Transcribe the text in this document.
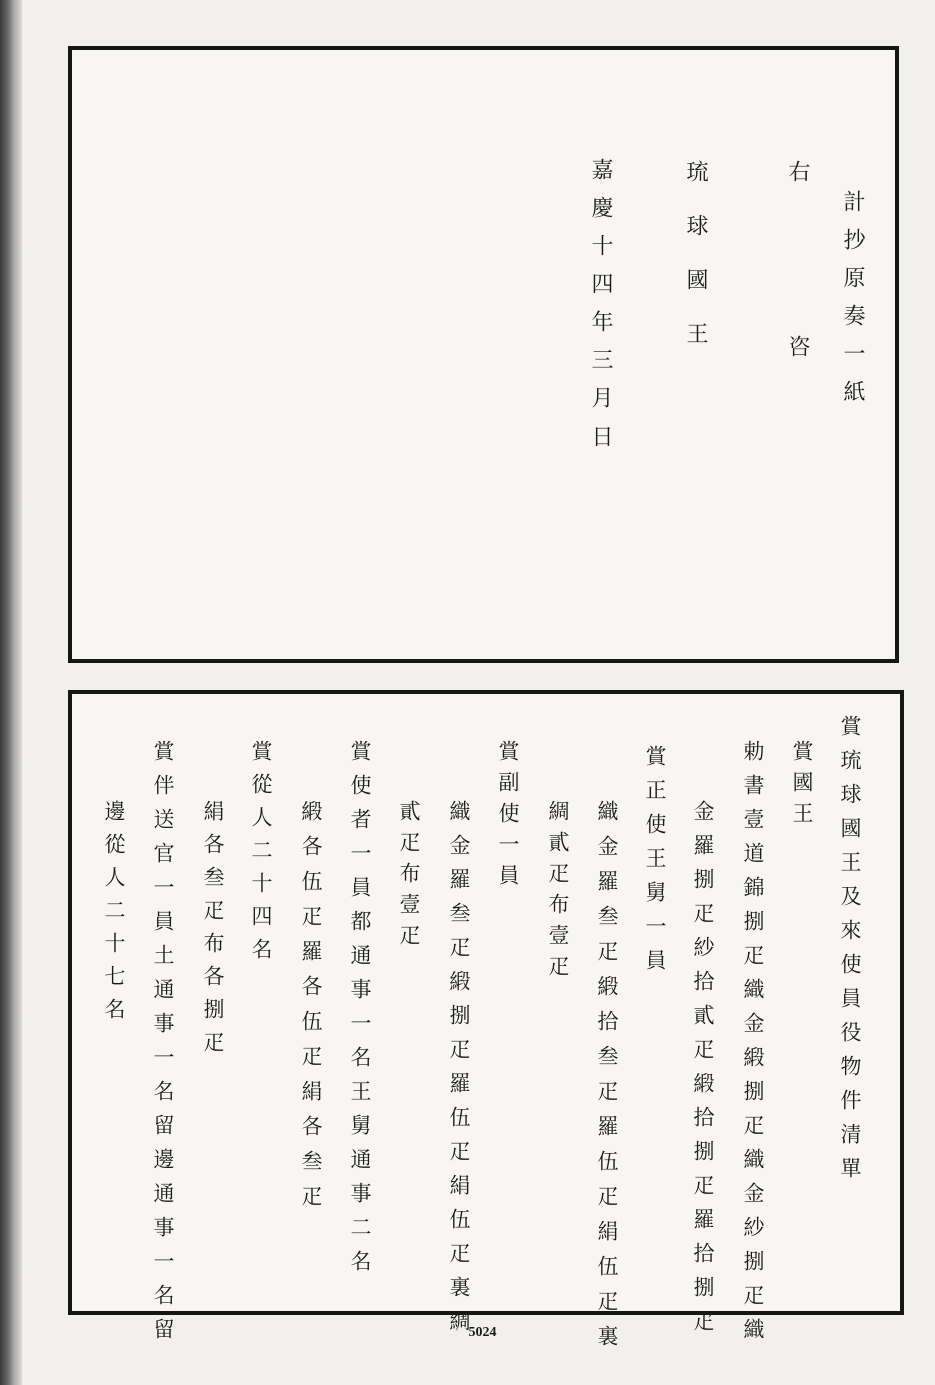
計抄原奏一紙
右
咨
琉球國王
嘉慶十四年三月
日
賞琉球國王及來使員役物件清單
賞國王
勅書壹道錦捌疋織金緞捌疋織金紗捌疋織
金羅捌疋紗拾貳疋緞拾捌疋羅拾捌疋
賞正使王舅一員
織金羅叁疋緞拾叁疋羅伍疋絹伍疋裏
綢貳疋布壹疋
賞副使一員
織金羅叁疋緞捌疋羅伍疋絹伍疋裏綢
貳疋布壹疋
賞使者一員都通事一名王舅通事二名
緞各伍疋羅各伍疋絹各叁疋
賞從人二十四名
絹各叁疋布各捌疋
賞伴送官一員土通事一名留邊通事一名留
邊從人二十七名
5024
